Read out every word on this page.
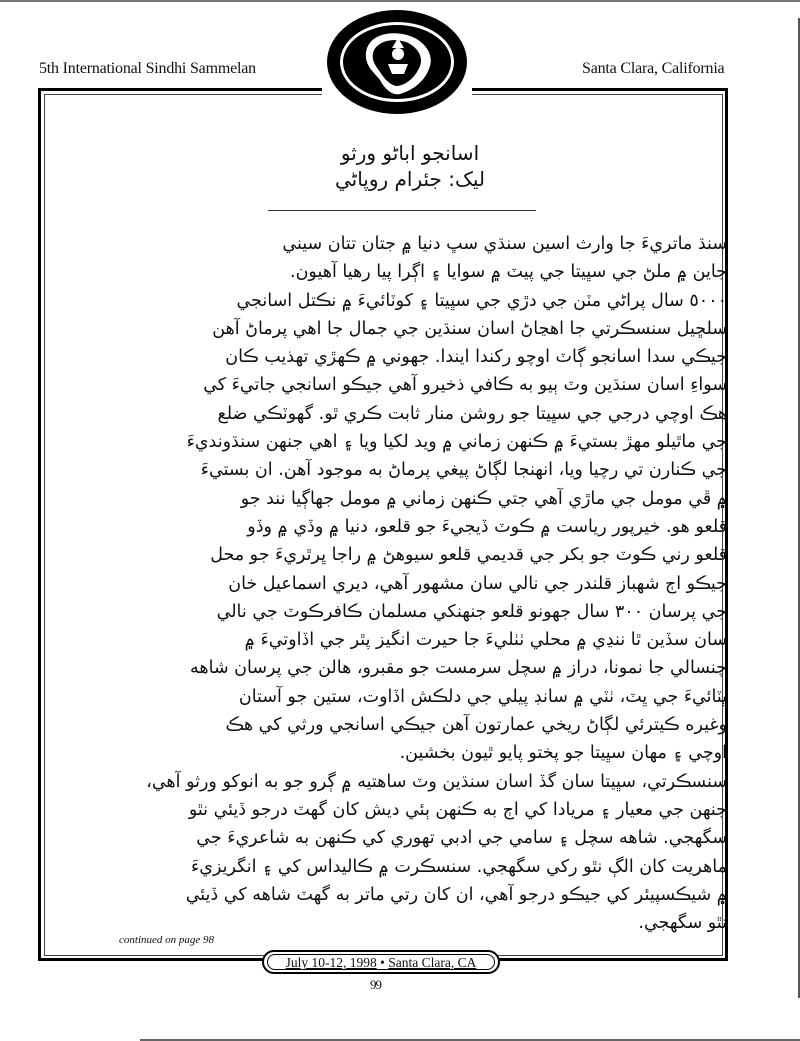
5th International Sindhi Sammelan	Santa Clara, California
اسانجو اباڻو ورثو
ليک: جئرام روپاڻي
سنڌ ماتريءَ جا وارث اسين سنڌي سڀ دنيا ۾ جتان تتان سيني
جاين ۾ ملڻ جي سڀيتا جي پيٽ ۾ سوايا ۽ اڳرا پيا رهيا آهيون.
٥٠٠٠ سال پراڻي مٽن جي دڙي جي سڀيتا ۽ کوٽائيءَ ۾ نڪتل اسانجي
سلڇيل سنسڪرتي جا اهڃاڻ اسان سنڌين جي جمال جا اهي پرماڻ آهن
جيڪي سدا اسانجو ڳاٽ اوچو رکندا ايندا. جهوني ۾ ڪهڙي تهذيب ڪان
سواءِ اسان سنڌين وٽ ٻيو به ڪافي ذخيرو آهي جيڪو اسانجي جاتيءَ کي
هڪ اوچي درجي جي سڀيتا جو روشن منار ثابت ڪري ٿو. گهوٽڪي ضلع
جي ماٿيلو مهڙ بستيءَ ۾ ڪنهن زماني ۾ ويد لکيا ويا ۽ اهي جنهن سنڌونديءَ
جي ڪنارن تي رچيا ويا، انهنجا لڳاڻ پيغي پرماڻ به موجود آهن. ان بستيءَ
۾ ڦي مومل جي ماڙي آهي جتي ڪنهن زماني ۾ مومل جهاڳيا نند جو
قلعو هو. خيرپور رياست ۾ ڪوٽ ڏيجيءَ جو قلعو، دنيا ۾ وڏي ۾ وڏو
قلعو رني ڪوٽ جو بکر جي قديمي قلعو سيوهڻ ۾ راجا ڀرٿريءَ جو محل
جيڪو اڄ شهباز قلندر جي نالي سان مشهور آهي، ديري اسماعيل خان
جي پرسان ٣٠٠ سال جهونو قلعو جنهنکي مسلمان ڪافرڪوٽ جي نالي
سان سڏين ٿا ننڍي ۾ محلي ٺٺليءَ جا حيرت انگيز پٿر جي اڏاوتيءَ ۾
چنسالي جا نمونا، دراز ۾ سچل سرمست جو مقبرو، هالن جي پرسان شاهه
ڀٽائيءَ جي ڀٽ، ٺٽي ۾ سانڊ پيلي جي دلڪش اڏاوت، ستين جو آستان
وغيره ڪيترئي لڳاڻ ريخي عمارتون آهن جيڪي اسانجي ورثي کي هڪ
اوچي ۽ مهان سڀيتا جو پختو پايو ٿيون بخشين.
سنسڪرتي، سڀيتا سان گڏ اسان سنڌين وٽ ساهتيه ۾ ڳرو جو به انوکو ورثو آهي،
جنهن جي معيار ۽ مريادا کي اڄ به ڪنهن ٻئي ديش کان گهٽ درجو ڏيئي نٿو
سگهجي. شاهه سچل ۽ سامي جي ادبي تهوري کي ڪنهن به شاعريءَ جي
ماهريت کان الڳ نٿو رکي سگهجي. سنسڪرت ۾ ڪاليداس کي ۽ انگريزيءَ
۾ شيڪسپيئر کي جيڪو درجو آهي، ان کان رتي ماتر به گهٽ شاهه کي ڏيئي
نٿو سگهجي.
continued on page 98
July 10-12, 1998 • Santa Clara, CA
99
